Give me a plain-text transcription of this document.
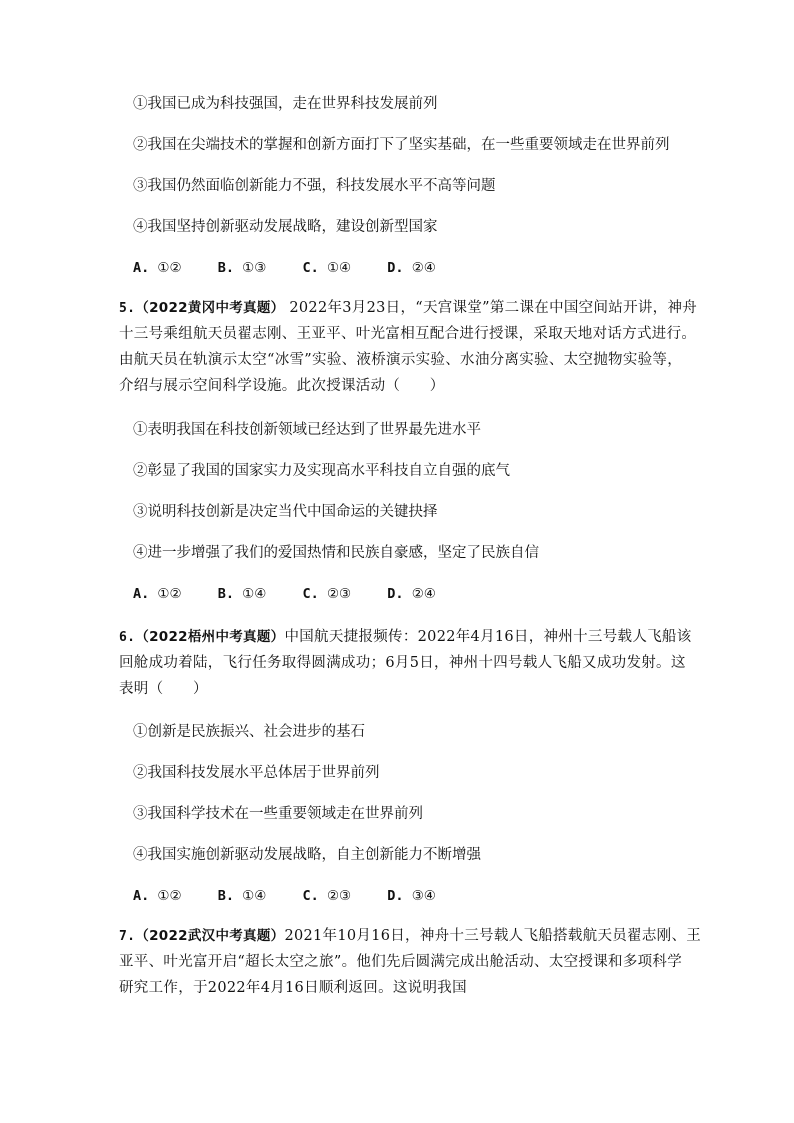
①我国已成为科技强国，走在世界科技发展前列
②我国在尖端技术的掌握和创新方面打下了坚实基础，在一些重要领域走在世界前列
③我国仍然面临创新能力不强，科技发展水平不高等问题
④我国坚持创新驱动发展战略，建设创新型国家
A. ①②	B. ①③	C. ①④	D. ②④
5.（2022黄冈中考真题） 2022年3月23日，“天宫课堂”第二课在中国空间站开讲，神舟
十三号乘组航天员翟志刚、王亚平、叶光富相互配合进行授课，采取天地对话方式进行。
由航天员在轨演示太空“冰雪”实验、液桥演示实验、水油分离实验、太空抛物实验等，
介绍与展示空间科学设施。此次授课活动（　　）
①表明我国在科技创新领域已经达到了世界最先进水平
②彰显了我国的国家实力及实现高水平科技自立自强的底气
③说明科技创新是决定当代中国命运的关键抉择
④进一步增强了我们的爱国热情和民族自豪感，坚定了民族自信
A. ①②	B. ①④	C. ②③	D. ②④
6.（2022梧州中考真题）中国航天捷报频传：2022年4月16日，神州十三号载人飞船该
回舱成功着陆，飞行任务取得圆满成功；6月5日，神州十四号载人飞船又成功发射。这
表明（　　）
①创新是民族振兴、社会进步的基石
②我国科技发展水平总体居于世界前列
③我国科学技术在一些重要领域走在世界前列
④我国实施创新驱动发展战略，自主创新能力不断增强
A. ①②	B. ①④	C. ②③	D. ③④
7.（2022武汉中考真题）2021年10月16日，神舟十三号载人飞船搭载航天员翟志刚、王
亚平、叶光富开启“超长太空之旅”。他们先后圆满完成出舱活动、太空授课和多项科学
研究工作，于2022年4月16日顺利返回。这说明我国
